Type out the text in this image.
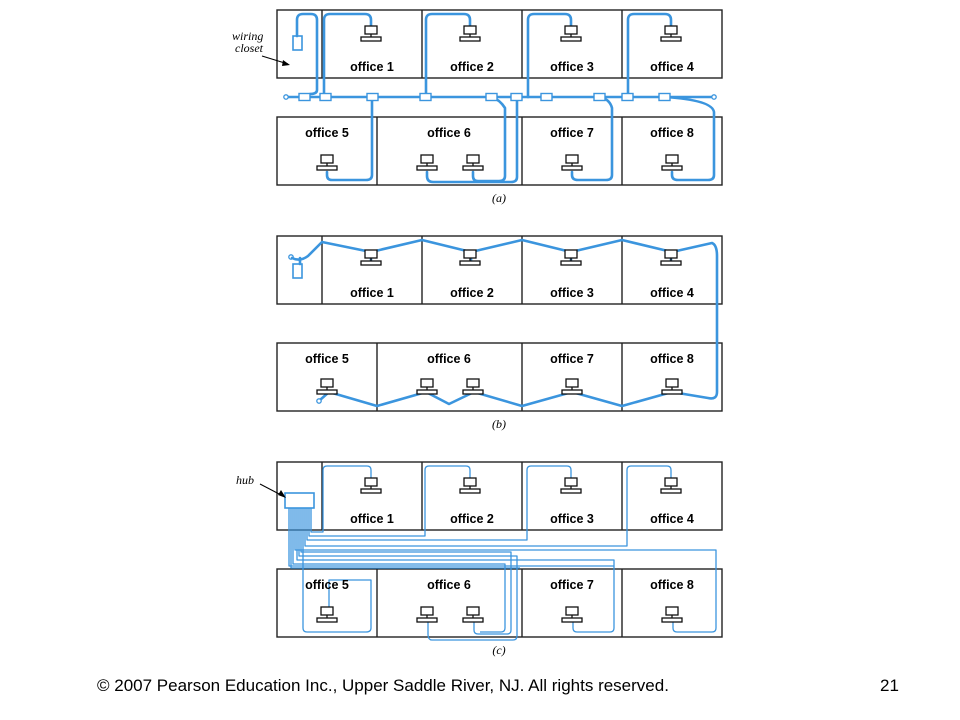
office 1	office 2	office 3	office 4
office 5	office 6	office 7	office 8
wiring
closet
(a)
office 1	office 2	office 3	office 4
office 5	office 6	office 7	office 8
(b)
office 1	office 2	office 3	office 4
office 5	office 6	office 7	office 8
hub
(c)
© 2007 Pearson Education Inc., Upper Saddle River, NJ. All rights reserved.	21
